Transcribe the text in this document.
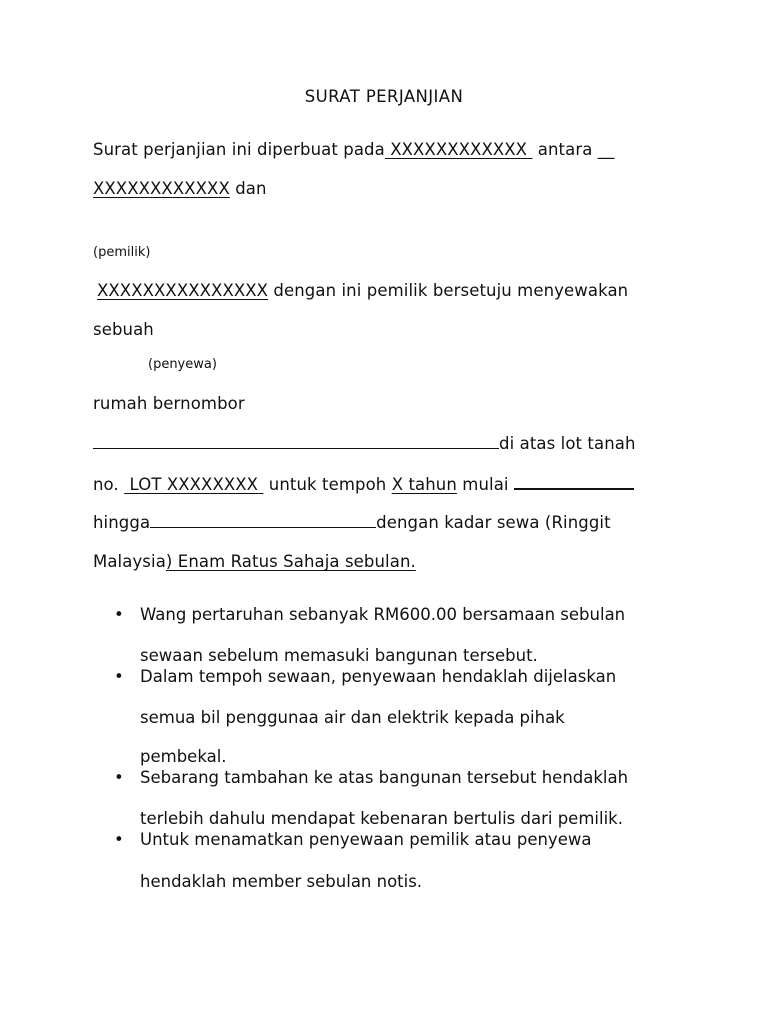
SURAT PERJANJIAN
Surat perjanjian ini diperbuat pada XXXXXXXXXXXX antara __
XXXXXXXXXXXX dan
(pemilik)
XXXXXXXXXXXXXXX dengan ini pemilik bersetuju menyewakan
sebuah
(penyewa)
rumah bernombor
di atas lot tanah
no. LOT XXXXXXXX untuk tempoh X tahun mulai
hingga	dengan kadar sewa (Ringgit
Malaysia) Enam Ratus Sahaja sebulan.
• Wang pertaruhan sebanyak RM600.00 bersamaan sebulan
sewaan sebelum memasuki bangunan tersebut.
• Dalam tempoh sewaan, penyewaan hendaklah dijelaskan
semua bil penggunaa air dan elektrik kepada pihak
pembekal.
• Sebarang tambahan ke atas bangunan tersebut hendaklah
terlebih dahulu mendapat kebenaran bertulis dari pemilik.
• Untuk menamatkan penyewaan pemilik atau penyewa
hendaklah member sebulan notis.
